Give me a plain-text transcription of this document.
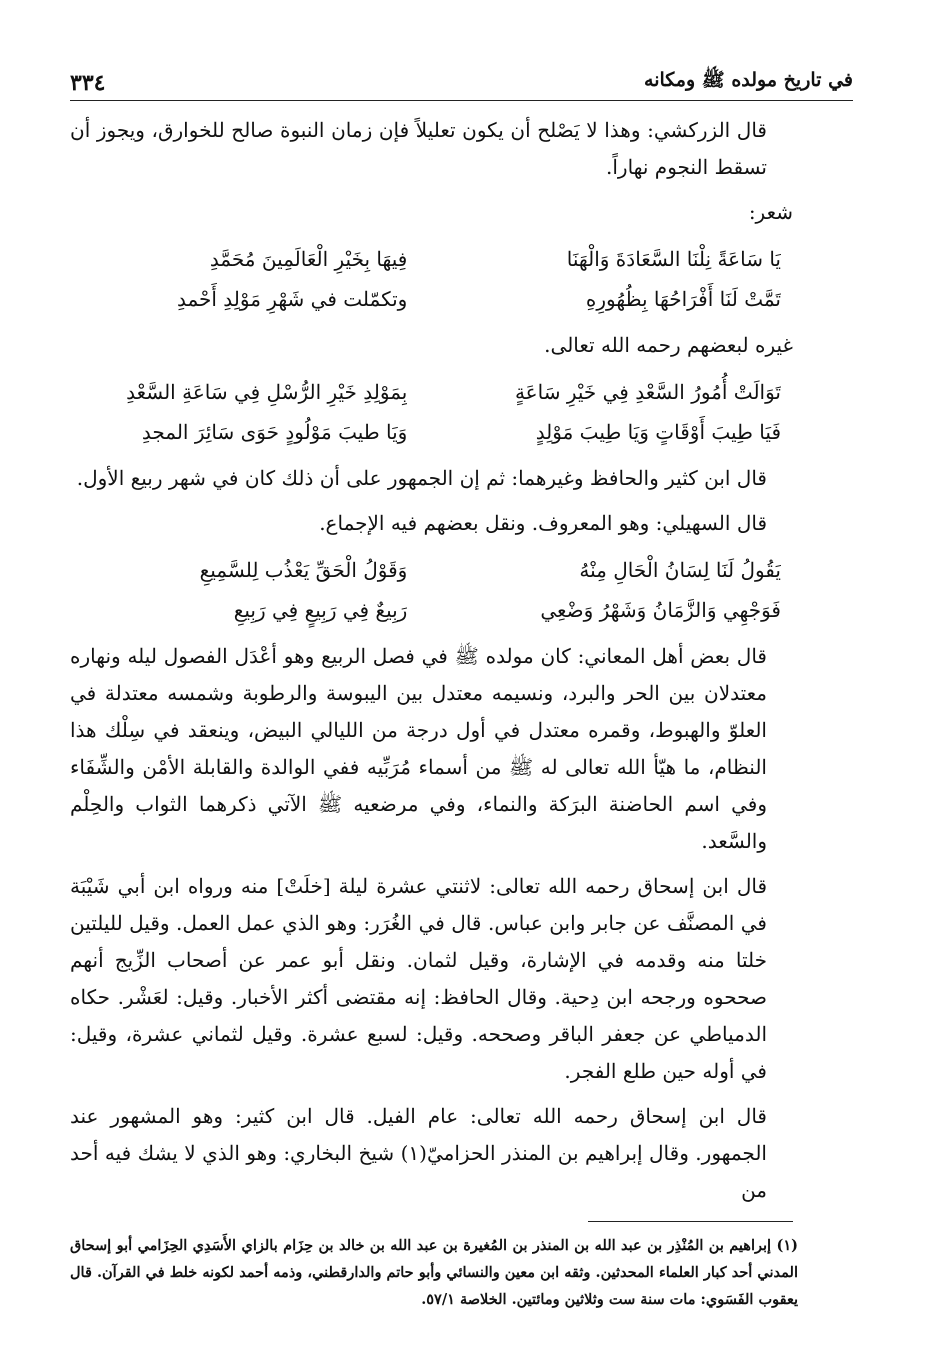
في تاريخ مولده ﷺ ومكانه
٣٣٤

قال الزركشي: وهذا لا يَصْلح أن يكون تعليلاً فإن زمان النبوة صالح للخوارق، ويجوز أن تسقط النجوم نهاراً.

شعر:

يَا سَاعَةً نِلْنَا السَّعَادَةَ وَالْهَنَا
فِيهَا بِخَيْرِ الْعَالَمِينَ مُحَمَّدِ
تَمَّتْ لَنَا أَفْرَاحُهَا بِظُهُورِهِ
وتكمّلت في شَهْرِ مَوْلِدِ أَحْمدِ

غيره لبعضهم رحمه الله تعالى.

تَوَالَتْ أُمُورُ السَّعْدِ فِي خَيْرِ سَاعَةٍ
بِمَوْلِدِ خَيْرِ الرُّسْلِ فِي سَاعَةِ السَّعْدِ
فَيَا طِيبَ أَوْقَاتٍ وَيَا طِيبَ مَوْلِدٍ
وَيَا طيبَ مَوْلُودٍ حَوَى سَائِرَ المجدِ

قال ابن كثير والحافظ وغيرهما: ثم إن الجمهور على أن ذلك كان في شهر ربيع الأول.

قال السهيلي: وهو المعروف. ونقل بعضهم فيه الإجماع.

يَقُولُ لَنَا لِسَانُ الْحَالِ مِنْهُ
وَقَوْلُ الْحَقِّ يَعْذُب لِلسَّمِيعِ
فَوَجْهِي وَالزَّمَانُ وَشَهْرُ وَضْعِي
رَبِيعٌ فِي رَبِيعٍ فِي رَبِيعِ

قال بعض أهل المعاني: كان مولده ﷺ في فصل الربيع وهو أعْدَل الفصول ليله ونهاره معتدلان بين الحر والبرد، ونسيمه معتدل بين اليبوسة والرطوبة وشمسه معتدلة في العلوّ والهبوط، وقمره معتدل في أول درجة من الليالي البيض، وينعقد في سِلْك هذا النظام، ما هيّأ الله تعالى له ﷺ من أسماء مُرَبِّيه ففي الوالدة والقابلة الأمْن والشِّفَاء وفي اسم الحاضنة البرَكة والنماء، وفي مرضعيه ﷺ الآتي ذكرهما الثواب والحِلْم والسَّعد.

قال ابن إسحاق رحمه الله تعالى: لاثنتي عشرة ليلة [خلَتْ] منه ورواه ابن أبي شَيْبَة في المصنَّف عن جابر وابن عباس. قال في الغُرَر: وهو الذي عمل العمل. وقيل لليلتين خلتا منه وقدمه في الإشارة، وقيل لثمان. ونقل أبو عمر عن أصحاب الزِّيج أنهم صححوه ورجحه ابن دِحية. وقال الحافظ: إنه مقتضى أكثر الأخبار. وقيل: لعَشْر. حكاه الدمياطي عن جعفر الباقر وصححه. وقيل: لسبع عشرة. وقيل لثماني عشرة، وقيل: في أوله حين طلع الفجر.

قال ابن إسحاق رحمه الله تعالى: عام الفيل. قال ابن كثير: وهو المشهور عند الجمهور. وقال إبراهيم بن المنذر الحزاميّ(١) شيخ البخاري: وهو الذي لا يشك فيه أحد من

(١) إبراهيم بن المُنْذِر بن عبد الله بن المنذر بن المُغيرة بن عبد الله بن خالد بن حِزَام بالزاي الأَسَدِي الحِزَامي أبو إسحاق المدني أحد كبار العلماء المحدثين. وثقه ابن معين والنسائي وأبو حاتم والدارقطني، وذمه أحمد لكونه خلط في القرآن. قال يعقوب الفَسَوي: مات سنة ست وثلاثين ومائتين. الخلاصة ٥٧/١.
